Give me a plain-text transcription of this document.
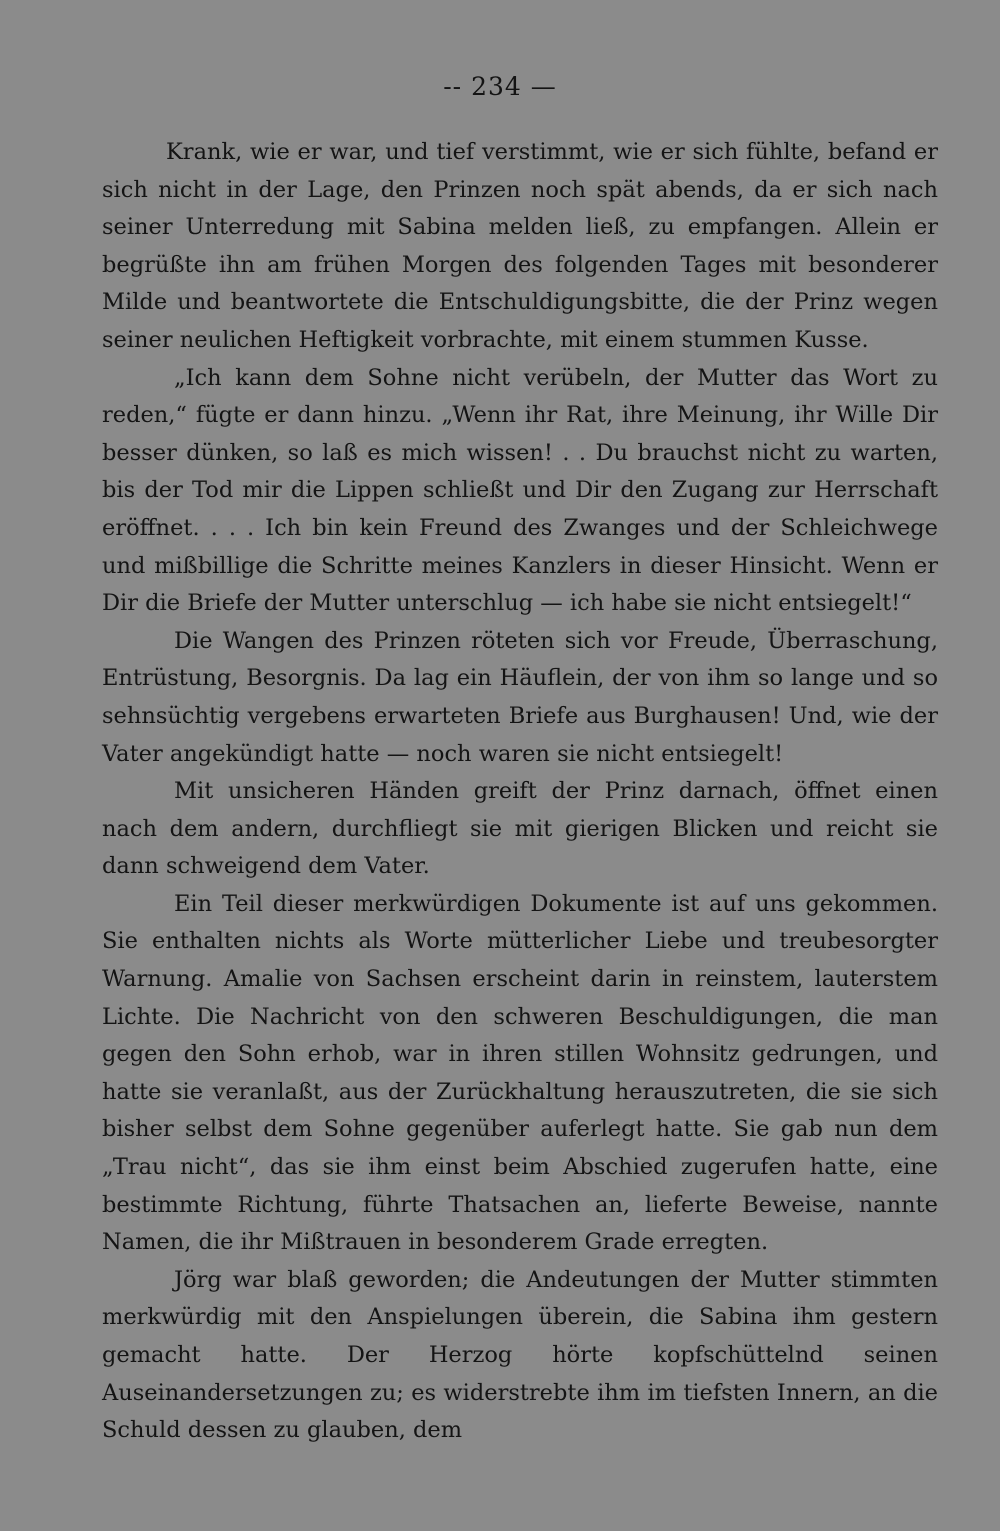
-- 234 —

Krank, wie er war, und tief verstimmt, wie er sich fühlte, befand er sich nicht in der Lage, den Prinzen noch spät abends, da er sich nach seiner Unterredung mit Sabina melden ließ, zu empfangen. Allein er begrüßte ihn am frühen Morgen des folgenden Tages mit besonderer Milde und beantwortete die Entschuldigungsbitte, die der Prinz wegen seiner neulichen Heftigkeit vorbrachte, mit einem stummen Kusse.

„Ich kann dem Sohne nicht verübeln, der Mutter das Wort zu reden,“ fügte er dann hinzu. „Wenn ihr Rat, ihre Meinung, ihr Wille Dir besser dünken, so laß es mich wissen! . . Du brauchst nicht zu warten, bis der Tod mir die Lippen schließt und Dir den Zugang zur Herrschaft eröffnet. . . . Ich bin kein Freund des Zwanges und der Schleichwege und mißbillige die Schritte meines Kanzlers in dieser Hinsicht. Wenn er Dir die Briefe der Mutter unterschlug — ich habe sie nicht entsiegelt!“

Die Wangen des Prinzen röteten sich vor Freude, Überraschung, Entrüstung, Besorgnis. Da lag ein Häuflein, der von ihm so lange und so sehnsüchtig vergebens erwarteten Briefe aus Burghausen! Und, wie der Vater angekündigt hatte — noch waren sie nicht entsiegelt!

Mit unsicheren Händen greift der Prinz darnach, öffnet einen nach dem andern, durchfliegt sie mit gierigen Blicken und reicht sie dann schweigend dem Vater.

Ein Teil dieser merkwürdigen Dokumente ist auf uns gekommen. Sie enthalten nichts als Worte mütterlicher Liebe und treubesorgter Warnung. Amalie von Sachsen erscheint darin in reinstem, lauterstem Lichte. Die Nachricht von den schweren Beschuldigungen, die man gegen den Sohn erhob, war in ihren stillen Wohnsitz gedrungen, und hatte sie veranlaßt, aus der Zurückhaltung herauszutreten, die sie sich bisher selbst dem Sohne gegenüber auferlegt hatte. Sie gab nun dem „Trau nicht“, das sie ihm einst beim Abschied zugerufen hatte, eine bestimmte Richtung, führte Thatsachen an, lieferte Beweise, nannte Namen, die ihr Mißtrauen in besonderem Grade erregten.

Jörg war blaß geworden; die Andeutungen der Mutter stimmten merkwürdig mit den Anspielungen überein, die Sabina ihm gestern gemacht hatte. Der Herzog hörte kopfschüttelnd seinen Auseinandersetzungen zu; es widerstrebte ihm im tiefsten Innern, an die Schuld dessen zu glauben, dem
